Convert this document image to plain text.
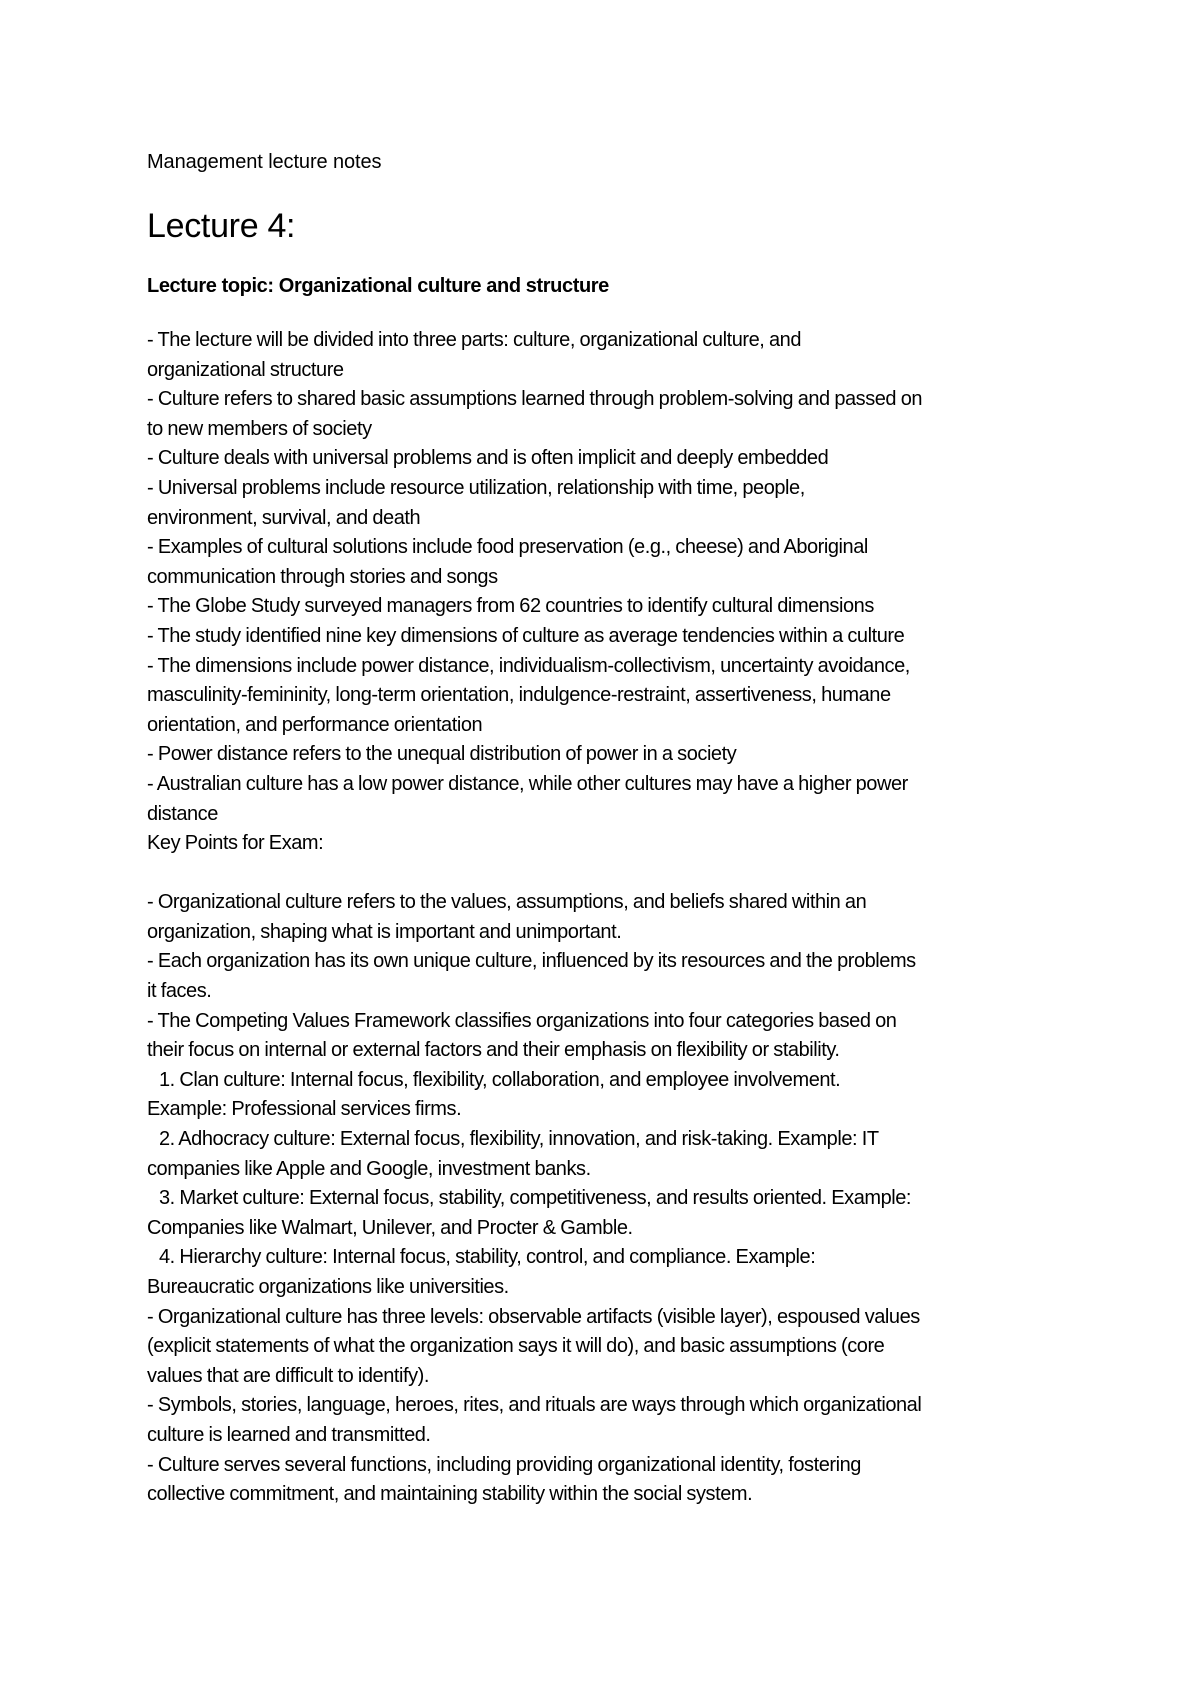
Management lecture notes

Lecture 4:

Lecture topic: Organizational culture and structure

- The lecture will be divided into three parts: culture, organizational culture, and

organizational structure

- Culture refers to shared basic assumptions learned through problem-solving and passed on

to new members of society

- Culture deals with universal problems and is often implicit and deeply embedded

- Universal problems include resource utilization, relationship with time, people,

environment, survival, and death

- Examples of cultural solutions include food preservation (e.g., cheese) and Aboriginal

communication through stories and songs

- The Globe Study surveyed managers from 62 countries to identify cultural dimensions

- The study identified nine key dimensions of culture as average tendencies within a culture

- The dimensions include power distance, individualism-collectivism, uncertainty avoidance,

masculinity-femininity, long-term orientation, indulgence-restraint, assertiveness, humane

orientation, and performance orientation

- Power distance refers to the unequal distribution of power in a society

- Australian culture has a low power distance, while other cultures may have a higher power

distance

Key Points for Exam:

- Organizational culture refers to the values, assumptions, and beliefs shared within an

organization, shaping what is important and unimportant.

- Each organization has its own unique culture, influenced by its resources and the problems

it faces.

- The Competing Values Framework classifies organizations into four categories based on

their focus on internal or external factors and their emphasis on flexibility or stability.

1. Clan culture: Internal focus, flexibility, collaboration, and employee involvement.

Example: Professional services firms.

2. Adhocracy culture: External focus, flexibility, innovation, and risk-taking. Example: IT

companies like Apple and Google, investment banks.

3. Market culture: External focus, stability, competitiveness, and results oriented. Example:

Companies like Walmart, Unilever, and Procter & Gamble.

4. Hierarchy culture: Internal focus, stability, control, and compliance. Example:

Bureaucratic organizations like universities.

- Organizational culture has three levels: observable artifacts (visible layer), espoused values

(explicit statements of what the organization says it will do), and basic assumptions (core

values that are difficult to identify).

- Symbols, stories, language, heroes, rites, and rituals are ways through which organizational

culture is learned and transmitted.

- Culture serves several functions, including providing organizational identity, fostering

collective commitment, and maintaining stability within the social system.
